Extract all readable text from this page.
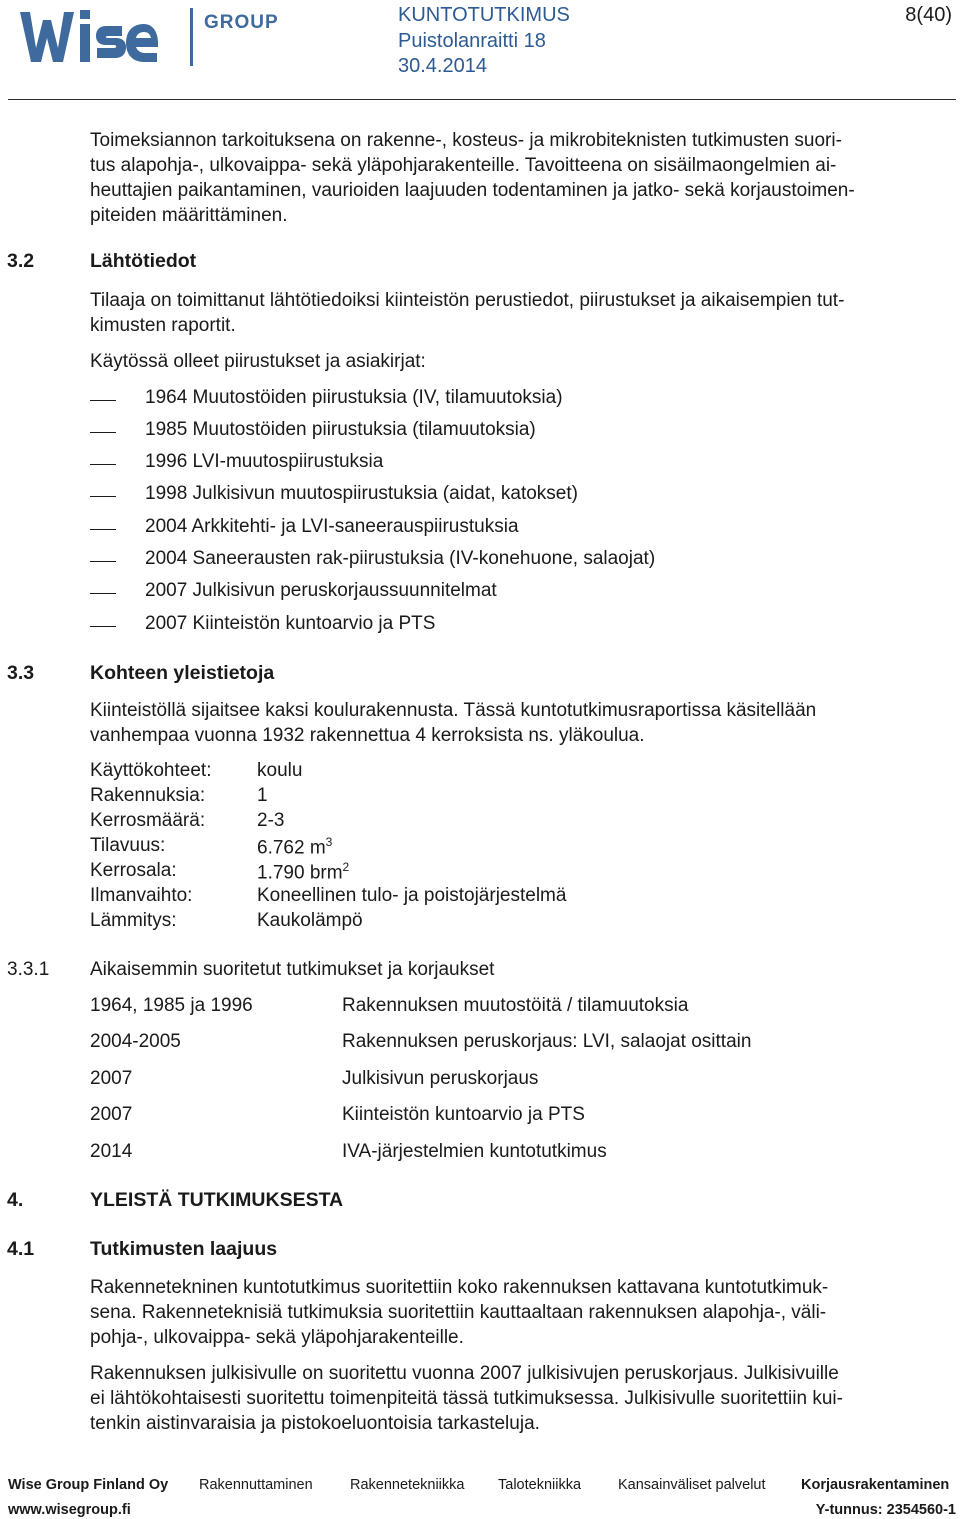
GROUP	KUNTOTUTKIMUS
Puistolanraitti 18
30.4.2014
8(40)
Toimeksiannon tarkoituksena on rakenne-, kosteus- ja mikrobiteknisten tutkimusten suori-
tus alapohja-, ulkovaippa- sekä yläpohjarakenteille. Tavoitteena on sisäilmaongelmien ai-
heuttajien paikantaminen, vaurioiden laajuuden todentaminen ja jatko- sekä korjaustoimen-
piteiden määrittäminen.
3.2	Lähtötiedot
Tilaaja on toimittanut lähtötiedoiksi kiinteistön perustiedot, piirustukset ja aikaisempien tut-
kimusten raportit.
Käytössä olleet piirustukset ja asiakirjat:
1964 Muutostöiden piirustuksia (IV, tilamuutoksia)
1985 Muutostöiden piirustuksia (tilamuutoksia)
1996 LVI-muutospiirustuksia
1998 Julkisivun muutospiirustuksia (aidat, katokset)
2004 Arkkitehti- ja LVI-saneerauspiirustuksia
2004 Saneerausten rak-piirustuksia (IV-konehuone, salaojat)
2007 Julkisivun peruskorjaussuunnitelmat
2007 Kiinteistön kuntoarvio ja PTS
3.3	Kohteen yleistietoja
Kiinteistöllä sijaitsee kaksi koulurakennusta. Tässä kuntotutkimusraportissa käsitellään
vanhempaa vuonna 1932 rakennettua 4 kerroksista ns. yläkoulua.
Käyttökohteet: koulu
Rakennuksia:	1
Kerrosmäärä:	2-3
Tilavuus:	6.762 $m^3$
Kerrosala:	1.790 brm$^2$
Ilmanvaihto:	Koneellinen tulo- ja poistojärjestelmä
Lämmitys:	Kaukolämpö
3.3.1 Aikaisemmin suoritetut tutkimukset ja korjaukset
1964, 1985 ja 1996	Rakennuksen muutostöitä / tilamuutoksia
2004-2005	Rakennuksen peruskorjaus: LVI, salaojat osittain
2007	Julkisivun peruskorjaus
2007	Kiinteistön kuntoarvio ja PTS
2014	IVA-järjestelmien kuntotutkimus
4.	YLEISTÄ TUTKIMUKSESTA
4.1	Tutkimusten laajuus
Rakennetekninen kuntotutkimus suoritettiin koko rakennuksen kattavana kuntotutkimuk-
sena. Rakenneteknisiä tutkimuksia suoritettiin kauttaaltaan rakennuksen alapohja-, väli-
pohja-, ulkovaippa- sekä yläpohjarakenteille.
Rakennuksen julkisivulle on suoritettu vuonna 2007 julkisivujen peruskorjaus. Julkisivuille
ei lähtökohtaisesti suoritettu toimenpiteitä tässä tutkimuksessa. Julkisivulle suoritettiin kui-
tenkin aistinvaraisia ja pistokoeluontoisia tarkasteluja.
Wise Group Finland Oy Rakennuttaminen	Rakennetekniikka Talotekniikka	Kansainväliset palvelut Korjausrakentaminen
www.wisegroup.fi	Y-tunnus: 2354560-1
